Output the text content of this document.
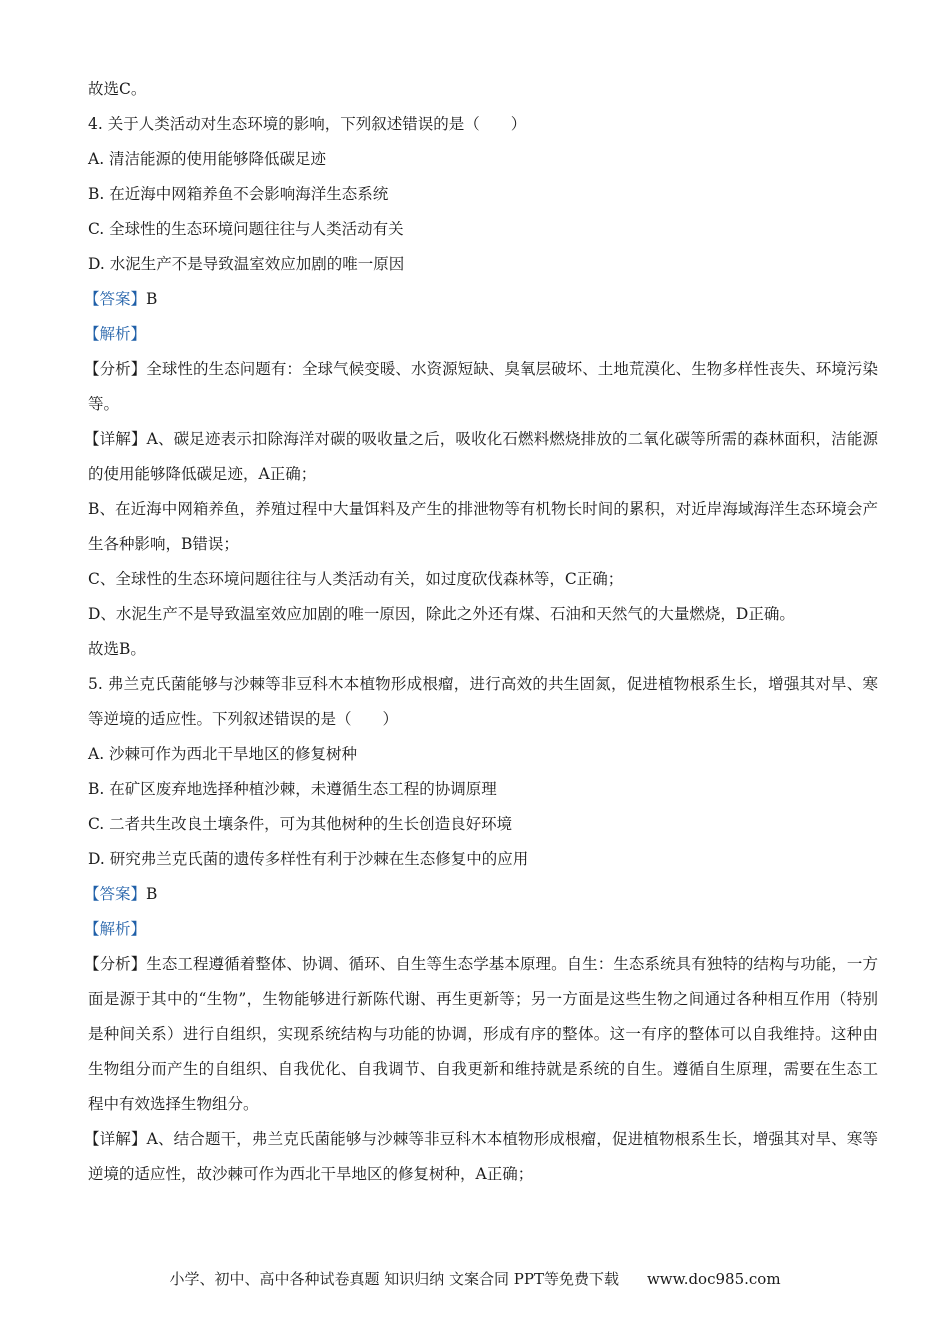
故选C。
4. 关于人类活动对生态环境的影响，下列叙述错误的是（　　）
A. 清洁能源的使用能够降低碳足迹
B. 在近海中网箱养鱼不会影响海洋生态系统
C. 全球性的生态环境问题往往与人类活动有关
D. 水泥生产不是导致温室效应加剧的唯一原因
【答案】B
【解析】

【分析】全球性的生态问题有：全球气候变暖、水资源短缺、臭氧层破坏、土地荒漠化、生物多样性丧失、环境污染等。

【详解】A、碳足迹表示扣除海洋对碳的吸收量之后，吸收化石燃料燃烧排放的二氧化碳等所需的森林面积，洁能源的使用能够降低碳足迹，A正确；

B、在近海中网箱养鱼，养殖过程中大量饵料及产生的排泄物等有机物长时间的累积，对近岸海域海洋生态环境会产生各种影响，B错误；

C、全球性的生态环境问题往往与人类活动有关，如过度砍伐森林等，C正确；
D、水泥生产不是导致温室效应加剧的唯一原因，除此之外还有煤、石油和天然气的大量燃烧，D正确。
故选B。

5. 弗兰克氏菌能够与沙棘等非豆科木本植物形成根瘤，进行高效的共生固氮，促进植物根系生长，增强其对旱、寒等逆境的适应性。下列叙述错误的是（　　）

A. 沙棘可作为西北干旱地区的修复树种
B. 在矿区废弃地选择种植沙棘，未遵循生态工程的协调原理
C. 二者共生改良土壤条件，可为其他树种的生长创造良好环境
D. 研究弗兰克氏菌的遗传多样性有利于沙棘在生态修复中的应用
【答案】B
【解析】

【分析】生态工程遵循着整体、协调、循环、自生等生态学基本原理。自生：生态系统具有独特的结构与功能，一方面是源于其中的“生物”，生物能够进行新陈代谢、再生更新等；另一方面是这些生物之间通过各种相互作用（特别是种间关系）进行自组织，实现系统结构与功能的协调，形成有序的整体。这一有序的整体可以自我维持。这种由生物组分而产生的自组织、自我优化、自我调节、自我更新和维持就是系统的自生。遵循自生原理，需要在生态工程中有效选择生物组分。

【详解】A、结合题干，弗兰克氏菌能够与沙棘等非豆科木本植物形成根瘤，促进植物根系生长，增强其对旱、寒等逆境的适应性，故沙棘可作为西北干旱地区的修复树种，A正确；

小学、初中、高中各种试卷真题 知识归纳 文案合同 PPT等免费下载 www.doc985.com
